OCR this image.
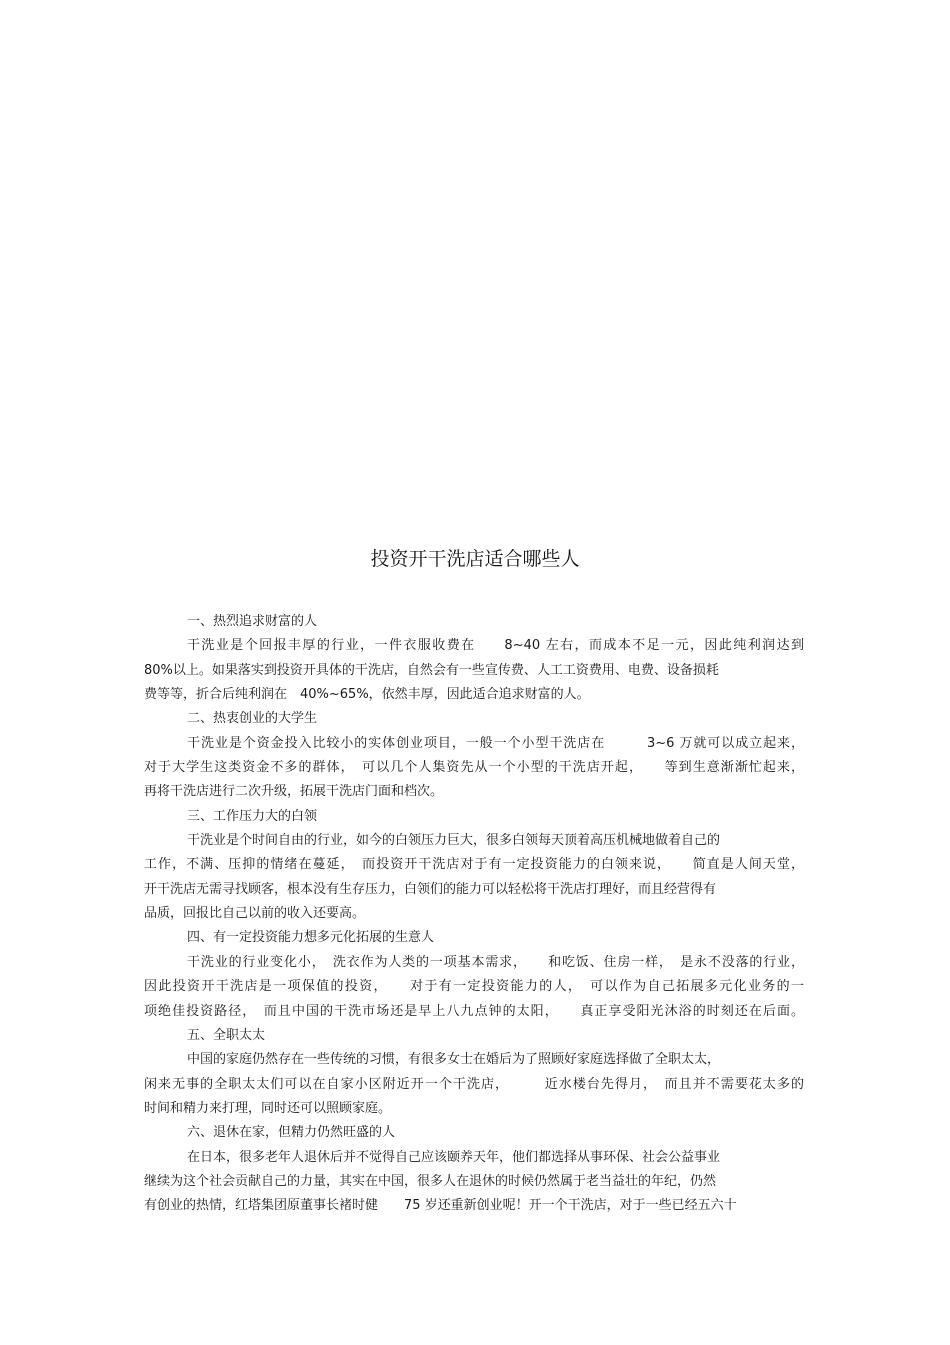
投资开干洗店适合哪些人
一、热烈追求财富的人
干洗业是个回报丰厚的行业，一件衣服收费在　　8~40 左右，而成本不足一元，因此纯利润达到
80%以上。如果落实到投资开具体的干洗店，自然会有一些宣传费、人工工资费用、电费、设备损耗
费等等，折合后纯利润在　40%~65%，依然丰厚，因此适合追求财富的人。
二、热衷创业的大学生
干洗业是个资金投入比较小的实体创业项目，一般一个小型干洗店在　　　3~6 万就可以成立起来，
对于大学生这类资金不多的群体，　可以几个人集资先从一个小型的干洗店开起，　　等到生意渐渐忙起来，
再将干洗店进行二次升级，拓展干洗店门面和档次。
三、工作压力大的白领
干洗业是个时间自由的行业，如今的白领压力巨大，很多白领每天顶着高压机械地做着自己的
工作，不满、压抑的情绪在蔓延，　而投资开干洗店对于有一定投资能力的白领来说，　　简直是人间天堂，
开干洗店无需寻找顾客，根本没有生存压力，白领们的能力可以轻松将干洗店打理好，而且经营得有
品质，回报比自己以前的收入还要高。
四、有一定投资能力想多元化拓展的生意人
干洗业的行业变化小，　洗衣作为人类的一项基本需求，　　和吃饭、住房一样，　是永不没落的行业，
因此投资开干洗店是一项保值的投资，　　对于有一定投资能力的人，　可以作为自己拓展多元化业务的一
项绝佳投资路径，　而且中国的干洗市场还是早上八九点钟的太阳，　　真正享受阳光沐浴的时刻还在后面。
五、全职太太
中国的家庭仍然存在一些传统的习惯，有很多女士在婚后为了照顾好家庭选择做了全职太太，
闲来无事的全职太太们可以在自家小区附近开一个干洗店，　　　近水楼台先得月，　而且并不需要花太多的
时间和精力来打理，同时还可以照顾家庭。
六、退休在家，但精力仍然旺盛的人
在日本，很多老年人退休后并不觉得自己应该颐养天年，他们都选择从事环保、社会公益事业
继续为这个社会贡献自己的力量，其实在中国，很多人在退休的时候仍然属于老当益壮的年纪，仍然
有创业的热情，红塔集团原董事长褚时健　　75 岁还重新创业呢！开一个干洗店，对于一些已经五六十
